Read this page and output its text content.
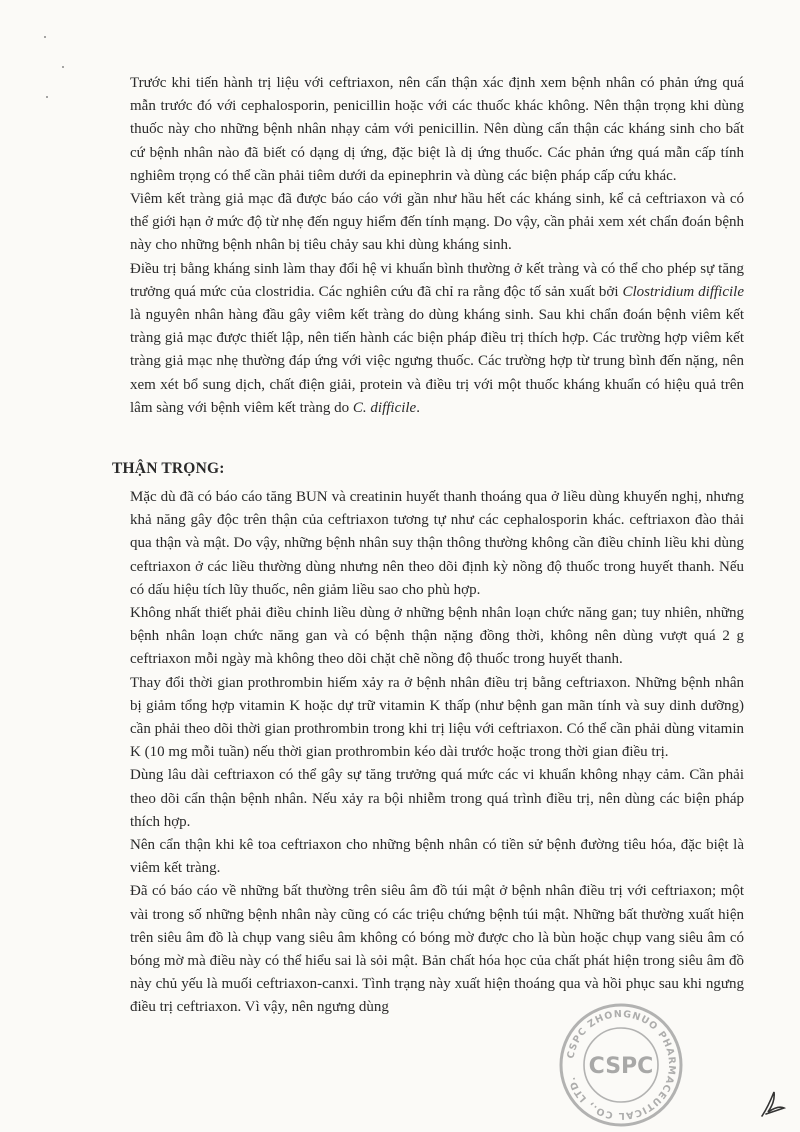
Trước khi tiến hành trị liệu với ceftriaxon, nên cẩn thận xác định xem bệnh nhân có phản ứng quá mẫn trước đó với cephalosporin, penicillin hoặc với các thuốc khác không. Nên thận trọng khi dùng thuốc này cho những bệnh nhân nhạy cảm với penicillin. Nên dùng cẩn thận các kháng sinh cho bất cứ bệnh nhân nào đã biết có dạng dị ứng, đặc biệt là dị ứng thuốc. Các phản ứng quá mẫn cấp tính nghiêm trọng có thể cần phải tiêm dưới da epinephrin và dùng các biện pháp cấp cứu khác.

Viêm kết tràng giả mạc đã được báo cáo với gần như hầu hết các kháng sinh, kể cả ceftriaxon và có thể giới hạn ở mức độ từ nhẹ đến nguy hiểm đến tính mạng. Do vậy, cần phải xem xét chẩn đoán bệnh này cho những bệnh nhân bị tiêu chảy sau khi dùng kháng sinh.

Điều trị bằng kháng sinh làm thay đổi hệ vi khuẩn bình thường ở kết tràng và có thể cho phép sự tăng trưởng quá mức của clostridia. Các nghiên cứu đã chỉ ra rằng độc tố sản xuất bởi Clostridium difficile là nguyên nhân hàng đầu gây viêm kết tràng do dùng kháng sinh. Sau khi chẩn đoán bệnh viêm kết tràng giả mạc được thiết lập, nên tiến hành các biện pháp điều trị thích hợp. Các trường hợp viêm kết tràng giả mạc nhẹ thường đáp ứng với việc ngưng thuốc. Các trường hợp từ trung bình đến nặng, nên xem xét bổ sung dịch, chất điện giải, protein và điều trị với một thuốc kháng khuẩn có hiệu quả trên lâm sàng với bệnh viêm kết tràng do C. difficile.

THẬN TRỌNG:

Mặc dù đã có báo cáo tăng BUN và creatinin huyết thanh thoáng qua ở liều dùng khuyến nghị, nhưng khả năng gây độc trên thận của ceftriaxon tương tự như các cephalosporin khác. ceftriaxon đào thải qua thận và mật. Do vậy, những bệnh nhân suy thận thông thường không cần điều chỉnh liều khi dùng ceftriaxon ở các liều thường dùng nhưng nên theo dõi định kỳ nồng độ thuốc trong huyết thanh. Nếu có dấu hiệu tích lũy thuốc, nên giảm liều sao cho phù hợp.

Không nhất thiết phải điều chỉnh liều dùng ở những bệnh nhân loạn chức năng gan; tuy nhiên, những bệnh nhân loạn chức năng gan và có bệnh thận nặng đồng thời, không nên dùng vượt quá 2 g ceftriaxon mỗi ngày mà không theo dõi chặt chẽ nồng độ thuốc trong huyết thanh.

Thay đổi thời gian prothrombin hiếm xảy ra ở bệnh nhân điều trị bằng ceftriaxon. Những bệnh nhân bị giảm tổng hợp vitamin K hoặc dự trữ vitamin K thấp (như bệnh gan mãn tính và suy dinh dưỡng) cần phải theo dõi thời gian prothrombin trong khi trị liệu với ceftriaxon. Có thể cần phải dùng vitamin K (10 mg mỗi tuần) nếu thời gian prothrombin kéo dài trước hoặc trong thời gian điều trị.

Dùng lâu dài ceftriaxon có thể gây sự tăng trưởng quá mức các vi khuẩn không nhạy cảm. Cần phải theo dõi cẩn thận bệnh nhân. Nếu xảy ra bội nhiễm trong quá trình điều trị, nên dùng các biện pháp thích hợp.

Nên cẩn thận khi kê toa ceftriaxon cho những bệnh nhân có tiền sử bệnh đường tiêu hóa, đặc biệt là viêm kết tràng.

Đã có báo cáo về những bất thường trên siêu âm đồ túi mật ở bệnh nhân điều trị với ceftriaxon; một vài trong số những bệnh nhân này cũng có các triệu chứng bệnh túi mật. Những bất thường xuất hiện trên siêu âm đồ là chụp vang siêu âm không có bóng mờ được cho là bùn hoặc chụp vang siêu âm có bóng mờ mà điều này có thể hiểu sai là sỏi mật. Bản chất hóa học của chất phát hiện trong siêu âm đồ này chủ yếu là muối ceftriaxon-canxi. Tình trạng này xuất hiện thoáng qua và hồi phục sau khi ngưng điều trị ceftriaxon. Vì vậy, nên ngưng dùng

CSPC ZHONGNUO PHARMACEUTICAL CO., LTD. CSPC
